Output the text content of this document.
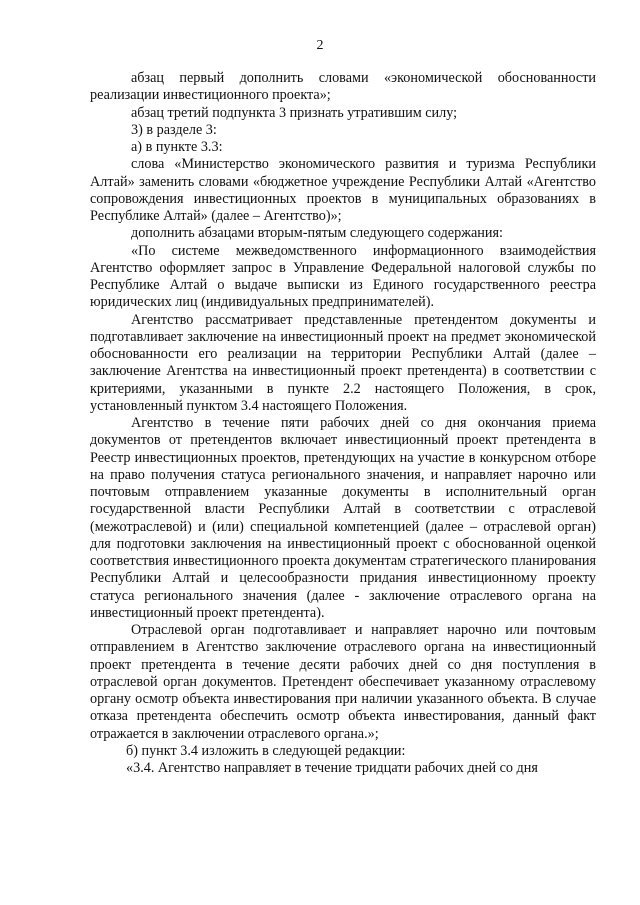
2

абзац первый дополнить словами «экономической обоснованности реализации инвестиционного проекта»;

абзац третий подпункта 3 признать утратившим силу;

3) в разделе 3:

а) в пункте 3.3:

слова «Министерство экономического развития и туризма Республики Алтай» заменить словами «бюджетное учреждение Республики Алтай «Агентство сопровождения инвестиционных проектов в муниципальных образованиях в Республике Алтай» (далее – Агентство)»;

дополнить абзацами вторым-пятым следующего содержания:

«По системе межведомственного информационного взаимодействия Агентство оформляет запрос в Управление Федеральной налоговой службы по Республике Алтай о выдаче выписки из Единого государственного реестра юридических лиц (индивидуальных предпринимателей).

Агентство рассматривает представленные претендентом документы и подготавливает заключение на инвестиционный проект на предмет экономической обоснованности его реализации на территории Республики Алтай (далее – заключение Агентства на инвестиционный проект претендента) в соответствии с критериями, указанными в пункте 2.2 настоящего Положения, в срок, установленный пунктом 3.4 настоящего Положения.

Агентство в течение пяти рабочих дней со дня окончания приема документов от претендентов включает инвестиционный проект претендента в Реестр инвестиционных проектов, претендующих на участие в конкурсном отборе на право получения статуса регионального значения, и направляет нарочно или почтовым отправлением указанные документы в исполнительный орган государственной власти Республики Алтай в соответствии с отраслевой (межотраслевой) и (или) специальной компетенцией (далее – отраслевой орган) для подготовки заключения на инвестиционный проект с обоснованной оценкой соответствия инвестиционного проекта документам стратегического планирования Республики Алтай и целесообразности придания инвестиционному проекту статуса регионального значения (далее - заключение отраслевого органа на инвестиционный проект претендента).

Отраслевой орган подготавливает и направляет нарочно или почтовым отправлением в Агентство заключение отраслевого органа на инвестиционный проект претендента в течение десяти рабочих дней со дня поступления в отраслевой орган документов. Претендент обеспечивает указанному отраслевому органу осмотр объекта инвестирования при наличии указанного объекта. В случае отказа претендента обеспечить осмотр объекта инвестирования, данный факт отражается в заключении отраслевого органа.»;

б) пункт 3.4 изложить в следующей редакции:

«3.4. Агентство направляет в течение тридцати рабочих дней со дня
